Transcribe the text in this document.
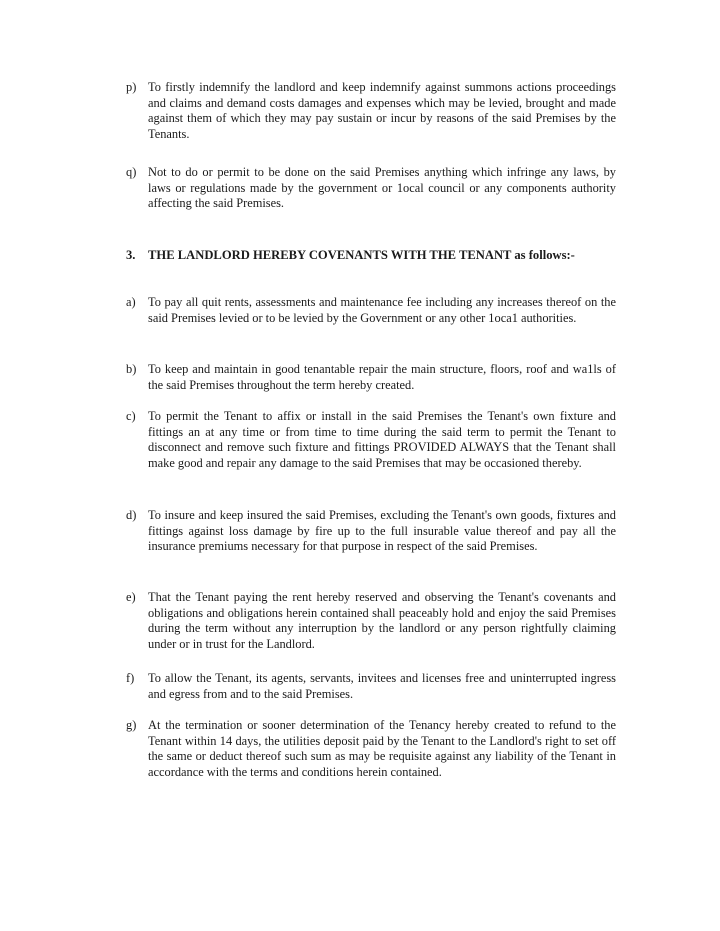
p) To firstly indemnify the landlord and keep indemnify against summons actions proceedings and claims and demand costs damages and expenses which may be levied, brought and made against them of which they may pay sustain or incur by reasons of the said Premises by the Tenants.
q) Not to do or permit to be done on the said Premises anything which infringe any laws, by laws or regulations made by the government or 1ocal council or any components authority affecting the said Premises.
3. THE LANDLORD HEREBY COVENANTS WITH THE TENANT as follows:-
a) To pay all quit rents, assessments and maintenance fee including any increases thereof on the said Premises levied or to be levied by the Government or any other 1oca1 authorities.
b) To keep and maintain in good tenantable repair the main structure, floors, roof and wa1ls of the said Premises throughout the term hereby created.
c) To permit the Tenant to affix or install in the said Premises the Tenant's own fixture and fittings an at any time or from time to time during the said term to permit the Tenant to disconnect and remove such fixture and fittings PROVIDED ALWAYS that the Tenant shall make good and repair any damage to the said Premises that may be occasioned thereby.
d) To insure and keep insured the said Premises, excluding the Tenant's own goods, fixtures and fittings against loss damage by fire up to the full insurable value thereof and pay all the insurance premiums necessary for that purpose in respect of the said Premises.
e) That the Tenant paying the rent hereby reserved and observing the Tenant's covenants and obligations and obligations herein contained shall peaceably hold and enjoy the said Premises during the term without any interruption by the landlord or any person rightfully claiming under or in trust for the Landlord.
f)	To allow the Tenant, its agents, servants, invitees and licenses free and uninterrupted ingress and egress from and to the said Premises.
g) At the termination or sooner determination of the Tenancy hereby created to refund to the Tenant within 14 days, the utilities deposit paid by the Tenant to the Landlord's right to set off the same or deduct thereof such sum as may be requisite against any liability of the Tenant in accordance with the terms and conditions herein contained.
